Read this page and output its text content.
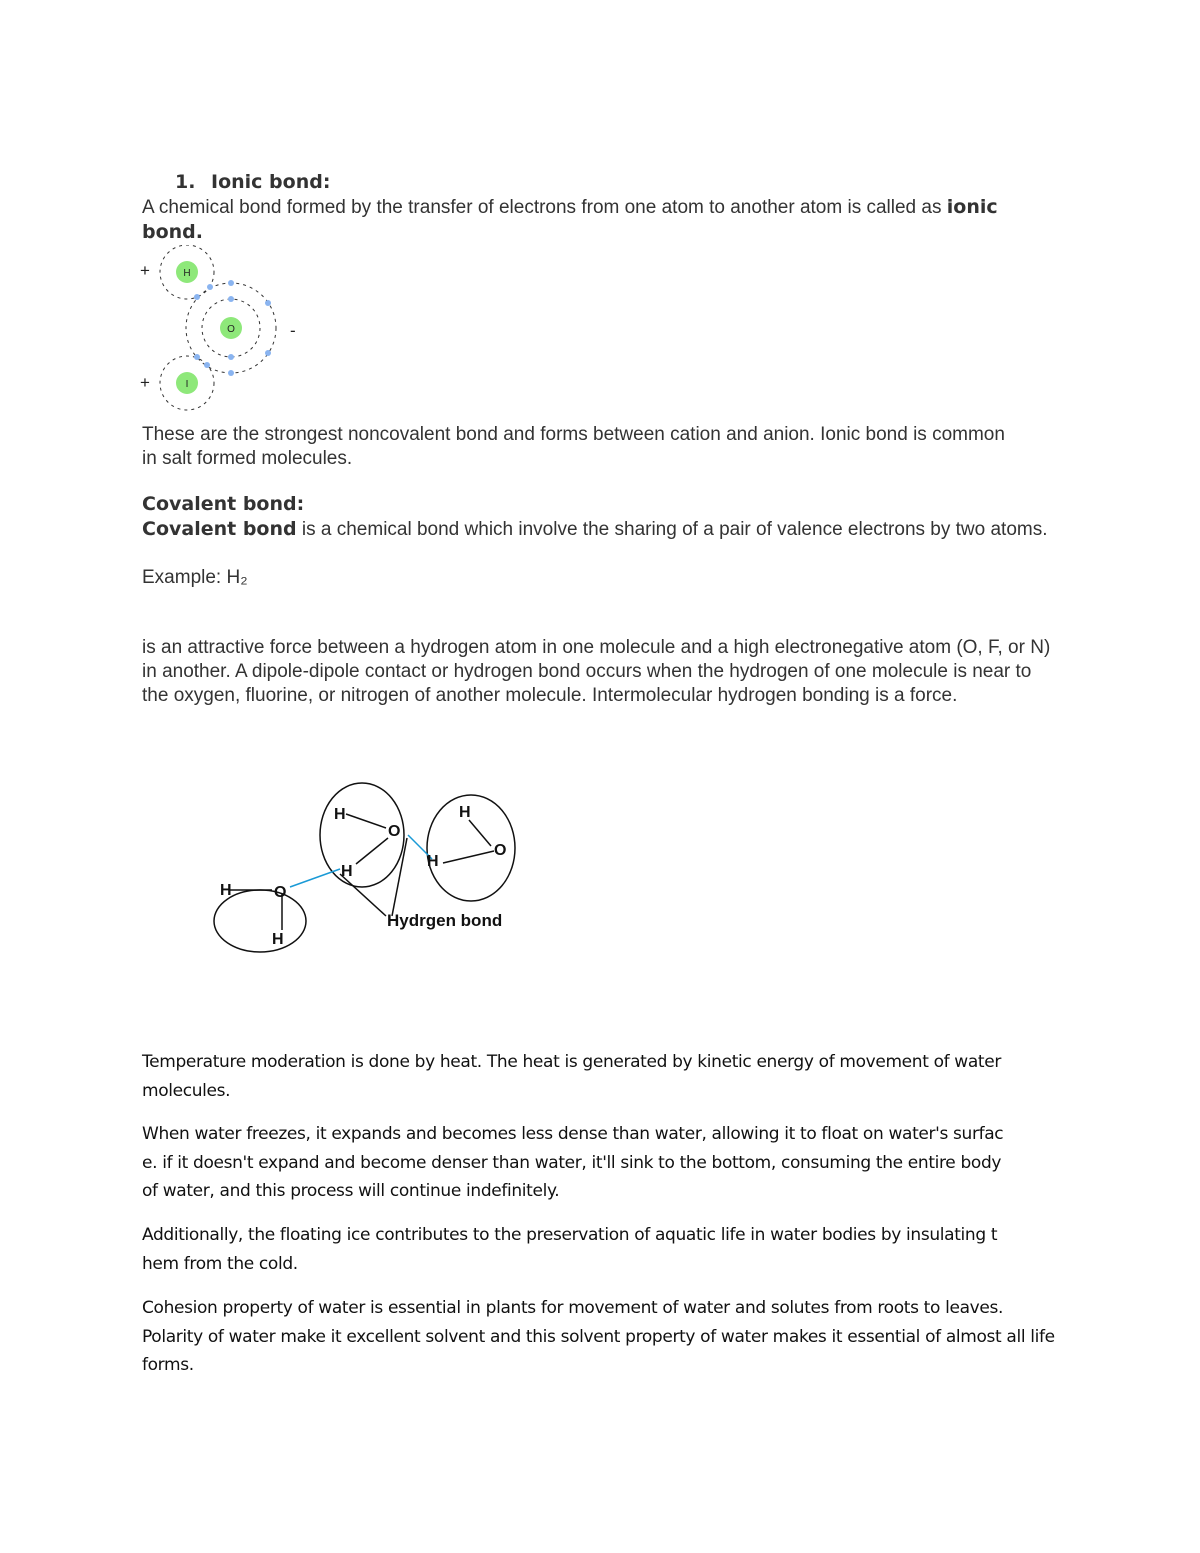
1. Ionic bond:

A chemical bond formed by the transfer of electrons from one atom to another atom is called as ionic bond.

+
-
+
H
O
I

These are the strongest noncovalent bond and forms between cation and anion. Ionic bond is common in salt formed molecules.

Covalent bond:

Covalent bond is a chemical bond which involve the sharing of a pair of valence electrons by two atoms.

Example: H₂

is an attractive force between a hydrogen atom in one molecule and a high electronegative atom (O, F, or N) in another. A dipole-dipole contact or hydrogen bond occurs when the hydrogen of one molecule is near to the oxygen, fluorine, or nitrogen of another molecule. Intermolecular hydrogen bonding is a force.

H	O
H
H
O
H
H
O
H
Hydrgen bond

Temperature moderation is done by heat. The heat is generated by kinetic energy of movement of water molecules.

When water freezes, it expands and becomes less dense than water, allowing it to float on water's surfac
e. if it doesn't expand and become denser than water, it'll sink to the bottom, consuming the entire body
of water, and this process will continue indefinitely.
Additionally, the floating ice contributes to the preservation of aquatic life in water bodies by insulating t
hem from the cold.

Cohesion property of water is essential in plants for movement of water and solutes from roots to leaves. Polarity of water make it excellent solvent and this solvent property of water makes it essential of almost all life forms.
